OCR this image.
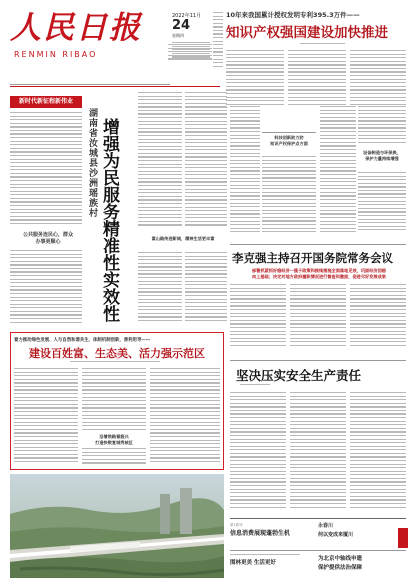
人民日报
RENMIN RIBAO
2022年11月
24
星期四
10年来我国累计授权发明专利395.3万件——
知识产权强国建设加快推进
新时代新征程新伟业
公共服务连民心，群众
办事更顺心
湖南省汝城县沙洲瑶族村 增强为民服务精准性实效性	富山路传进新城，精神生活更丰富
科技创新助力防
知识产权保护点方面
设备制造与环保换，
保护力量持续增强
李克强主持召开国务院常务会议
部署抓紧抓好稳经济一揽子政策和接续措施全面落地见效，巩固经济回稳
向上基础；决定对地方政府履职情况进行督查和激励，促进尽好发展成果
着力推动绿色发展、人与自然和谐共生、体制机制创新，善利用导——
建设百姓富、生态美、活力强示范区
沿着铁路看振兴
打造快数复城秀核区
坚决压实安全生产责任
第1系列
信息消费展现蓬勃生机
永春川
何以变成来厦川
围林更美 生活更好
为北京中轴线申遗
保护提供法治保障
